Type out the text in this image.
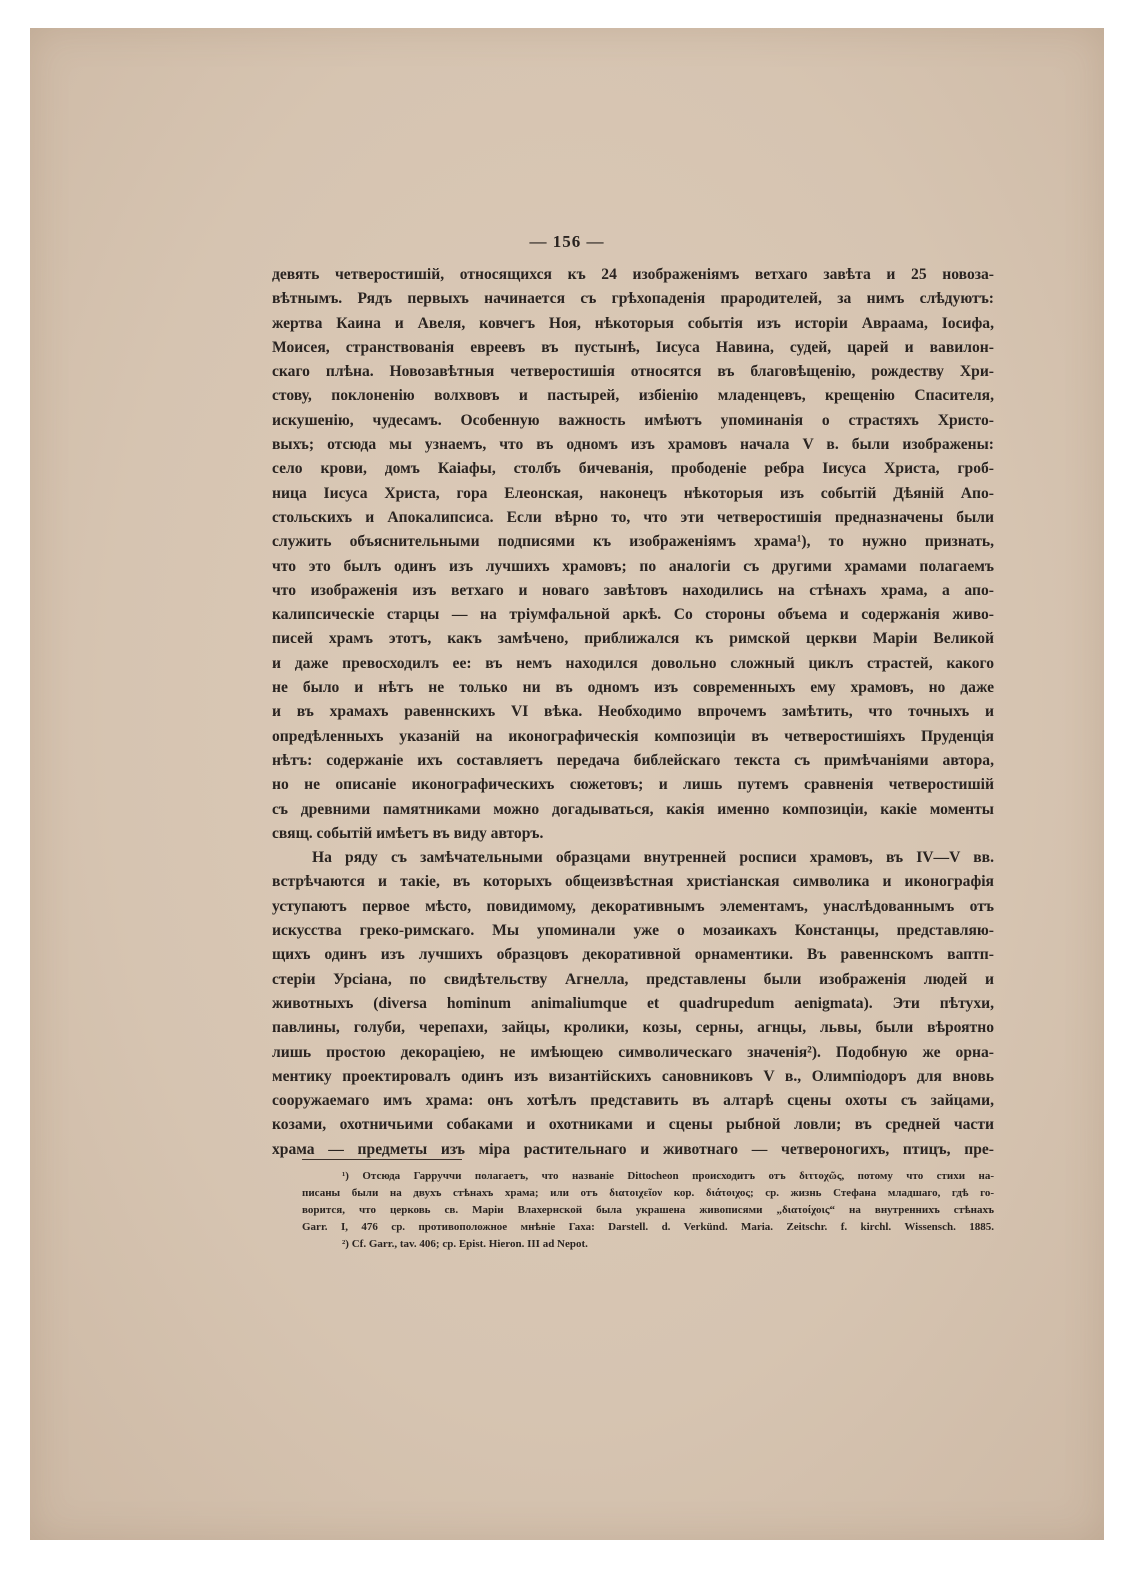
— 156 —
девять четверостишій, относящихся къ 24 изображеніямъ ветхаго завѣта и 25 новоза-
вѣтнымъ. Рядъ первыхъ начинается съ грѣхопаденія прародителей, за нимъ слѣдуютъ:
жертва Каина и Авеля, ковчегъ Ноя, нѣкоторыя событія изъ исторіи Авраама, Іосифа,
Моисея, странствованія евреевъ въ пустынѣ, Іисуса Навина, судей, царей и вавилон-
скаго плѣна. Новозавѣтныя четверостишія относятся въ благовѣщенію, рождеству Хри-
стову, поклоненію волхвовъ и пастырей, избіенію младенцевъ, крещенію Спасителя,
искушенію, чудесамъ. Особенную важность имѣютъ упоминанія о страстяхъ Христо-
выхъ; отсюда мы узнаемъ, что въ одномъ изъ храмовъ начала V в. были изображены:
село крови, домъ Каіафы, столбъ бичеванія, прободеніе ребра Іисуса Христа, гроб-
ница Іисуса Христа, гора Елеонская, наконецъ нѣкоторыя изъ событій Дѣяній Апо-
стольскихъ и Апокалипсиса. Если вѣрно то, что эти четверостишія предназначены были
служить объяснительными подписями къ изображеніямъ храма¹), то нужно признать,
что это былъ одинъ изъ лучшихъ храмовъ; по аналогіи съ другими храмами полагаемъ
что изображенія изъ ветхаго и новаго завѣтовъ находились на стѣнахъ храма, а апо-
калипсическіе старцы — на тріумфальной аркѣ. Со стороны объема и содержанія живо-
писей храмъ этотъ, какъ замѣчено, приближался къ римской церкви Маріи Великой
и даже превосходилъ ее: въ немъ находился довольно сложный циклъ страстей, какого
не было и нѣтъ не только ни въ одномъ изъ современныхъ ему храмовъ, но даже
и въ храмахъ равеннскихъ VI вѣка. Необходимо впрочемъ замѣтить, что точныхъ и
опредѣленныхъ указаній на иконографическія композиціи въ четверостишіяхъ Пруденція
нѣтъ: содержаніе ихъ составляетъ передача библейскаго текста съ примѣчаніями автора,
но не описаніе иконографическихъ сюжетовъ; и лишь путемъ сравненія четверостишій
съ древними памятниками можно догадываться, какія именно композиціи, какіе моменты
свящ. событій имѣетъ въ виду авторъ.
На ряду съ замѣчательными образцами внутренней росписи храмовъ, въ IV—V вв.
встрѣчаются и такіе, въ которыхъ общеизвѣстная христіанская символика и иконографія
уступаютъ первое мѣсто, повидимому, декоративнымъ элементамъ, унаслѣдованнымъ отъ
искусства греко-римскаго. Мы упоминали уже о мозаикахъ Констанцы, представляю-
щихъ одинъ изъ лучшихъ образцовъ декоративной орнаментики. Въ равеннскомъ ваптп-
стеріи Урсіана, по свидѣтельству Агнелла, представлены были изображенія людей и
животныхъ (diversa hominum animaliumque et quadrupedum aenigmata). Эти пѣтухи,
павлины, голуби, черепахи, зайцы, кролики, козы, серны, агнцы, львы, были вѣроятно
лишь простою декораціею, не имѣющею символическаго значенія²). Подобную же орна-
ментику проектировалъ одинъ изъ византійскихъ сановниковъ V в., Олимпіодоръ для вновь
сооружаемаго имъ храма: онъ хотѣлъ представить въ алтарѣ сцены охоты съ зайцами,
козами, охотничьими собаками и охотниками и сцены рыбной ловли; въ средней части
храма — предметы изъ міра растительнаго и животнаго — четвероногихъ, птицъ, пре-
¹) Отсюда Гарруччи полагаетъ, что названіе Dittocheon происходитъ отъ διττοχῶς, потому что стихи на-
писаны были на двухъ стѣнахъ храма; или отъ διατοιχεῖον кор. διάτοιχος; ср. жизнь Стефана младшаго, гдѣ го-
ворится, что церковь св. Маріи Влахернской была украшена живописями „διατοίχοις“ на внутреннихъ стѣнахъ
Garr. I, 476 ср. противоположное мнѣніе Гаха: Darstell. d. Verkünd. Maria. Zeitschr. f. kirchl. Wissensch. 1885.
²) Cf. Garr., tav. 406; ср. Epist. Hieron. III ad Nepot.
